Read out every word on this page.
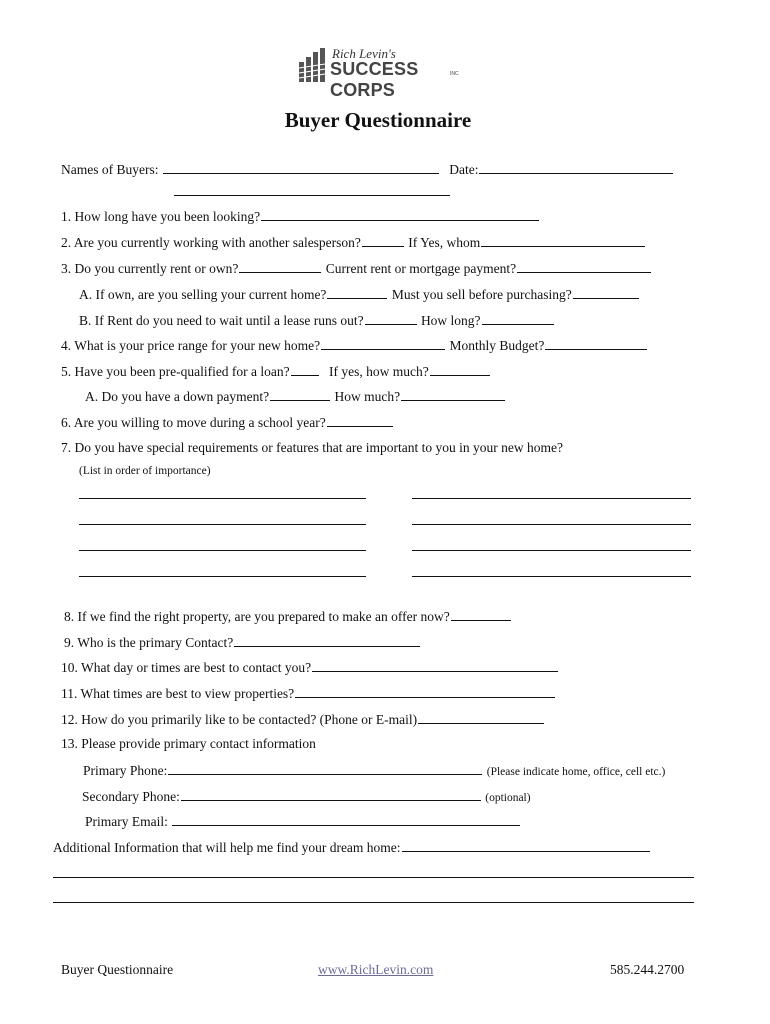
Rich Levin's
SUCCESS CORPS
INC
Buyer Questionnaire
Names of Buyers:	Date:
1. How long have you been looking?
2. Are you currently working with another salesperson?	If Yes, whom
3. Do you currently rent or own?	Current rent or mortgage payment?
A. If own, are you selling your current home?	Must you sell before purchasing?
B. If Rent do you need to wait until a lease runs out?	How long?
4. What is your price range for your new home?	Monthly Budget?
5. Have you been pre-qualified for a loan?	If yes, how much?
A. Do you have a down payment?	How much?
6. Are you willing to move during a school year?
7. Do you have special requirements or features that are important to you in your new home?
(List in order of importance)
8. If we find the right property, are you prepared to make an offer now?
9. Who is the primary Contact?
10. What day or times are best to contact you?
11. What times are best to view properties?
12. How do you primarily like to be contacted? (Phone or E-mail)
13. Please provide primary contact information
Primary Phone:	(Please indicate home, office, cell etc.)
Secondary Phone:	(optional)
Primary Email:
Additional Information that will help me find your dream home:
Buyer Questionnaire	www.RichLevin.com	585.244.2700
